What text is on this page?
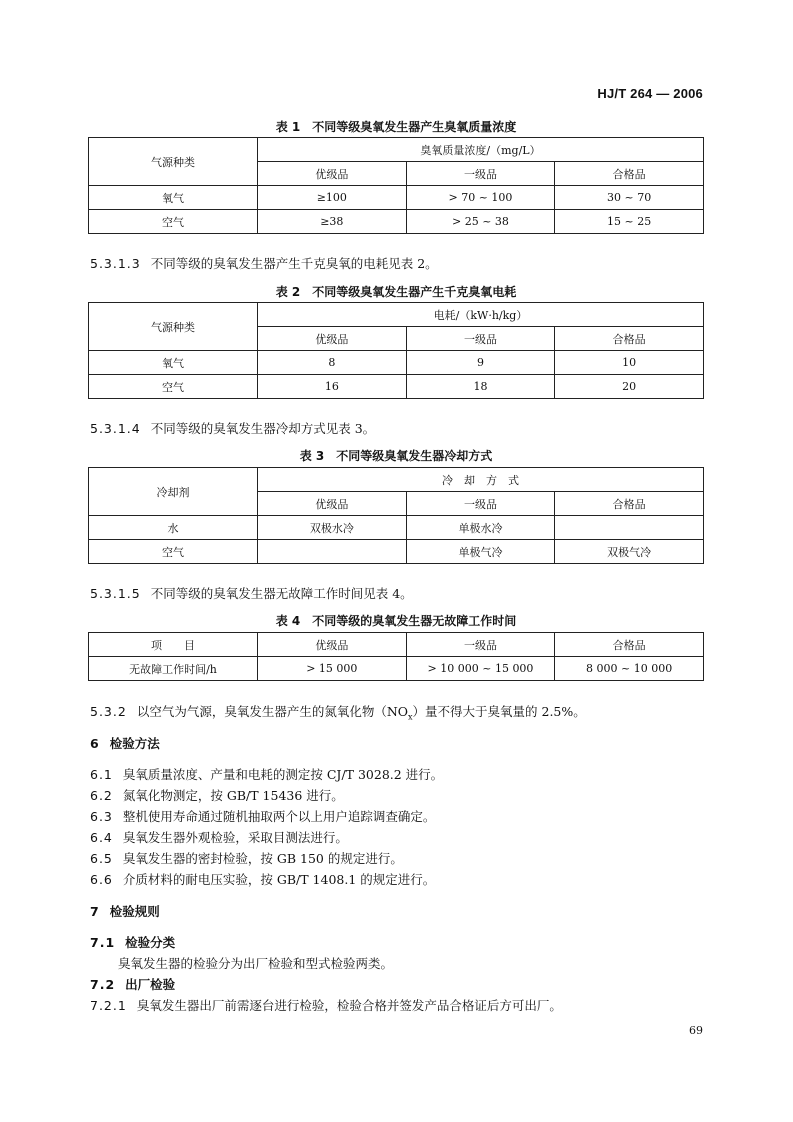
HJ/T 264 — 2006
表 1　不同等级臭氧发生器产生臭氧质量浓度
气源种类	臭氧质量浓度/（mg/L）		
	优级品	一级品	合格品
氧气	≥100	> 70 ~ 100	30 ~ 70
空气	≥38	> 25 ~ 38	15 ~ 25
5.3.1.3 不同等级的臭氧发生器产生千克臭氧的电耗见表 2。
表 2　不同等级臭氧发生器产生千克臭氧电耗
气源种类	电耗/（kW·h/kg）		
	优级品	一级品	合格品
氧气	8	9	10
空气	16	18	20
5.3.1.4 不同等级的臭氧发生器冷却方式见表 3。
表 3　不同等级臭氧发生器冷却方式
冷却剂	冷　却　方　式		
	优级品	一级品	合格品
水	双极水冷	单极水冷	
空气		单极气冷	双极气冷
5.3.1.5 不同等级的臭氧发生器无故障工作时间见表 4。
表 4　不同等级的臭氧发生器无故障工作时间
项　　目	优级品	一级品	合格品
无故障工作时间/h	> 15 000	> 10 000 ~ 15 000	8 000 ~ 10 000
5.3.2 以空气为气源，臭氧发生器产生的氮氧化物$(NO_x)$量不得大于臭氧量的 2.5%。
6 检验方法
6.1 臭氧质量浓度、产量和电耗的测定按 CJ/T 3028.2 进行。
6.2 氮氧化物测定，按 GB/T 15436 进行。
6.3 整机使用寿命通过随机抽取两个以上用户追踪调查确定。
6.4 臭氧发生器外观检验，采取目测法进行。
6.5 臭氧发生器的密封检验，按 GB 150 的规定进行。
6.6 介质材料的耐电压实验，按 GB/T 1408.1 的规定进行。
7 检验规则
7.1 检验分类
臭氧发生器的检验分为出厂检验和型式检验两类。
7.2 出厂检验
7.2.1 臭氧发生器出厂前需逐台进行检验，检验合格并签发产品合格证后方可出厂。
69
